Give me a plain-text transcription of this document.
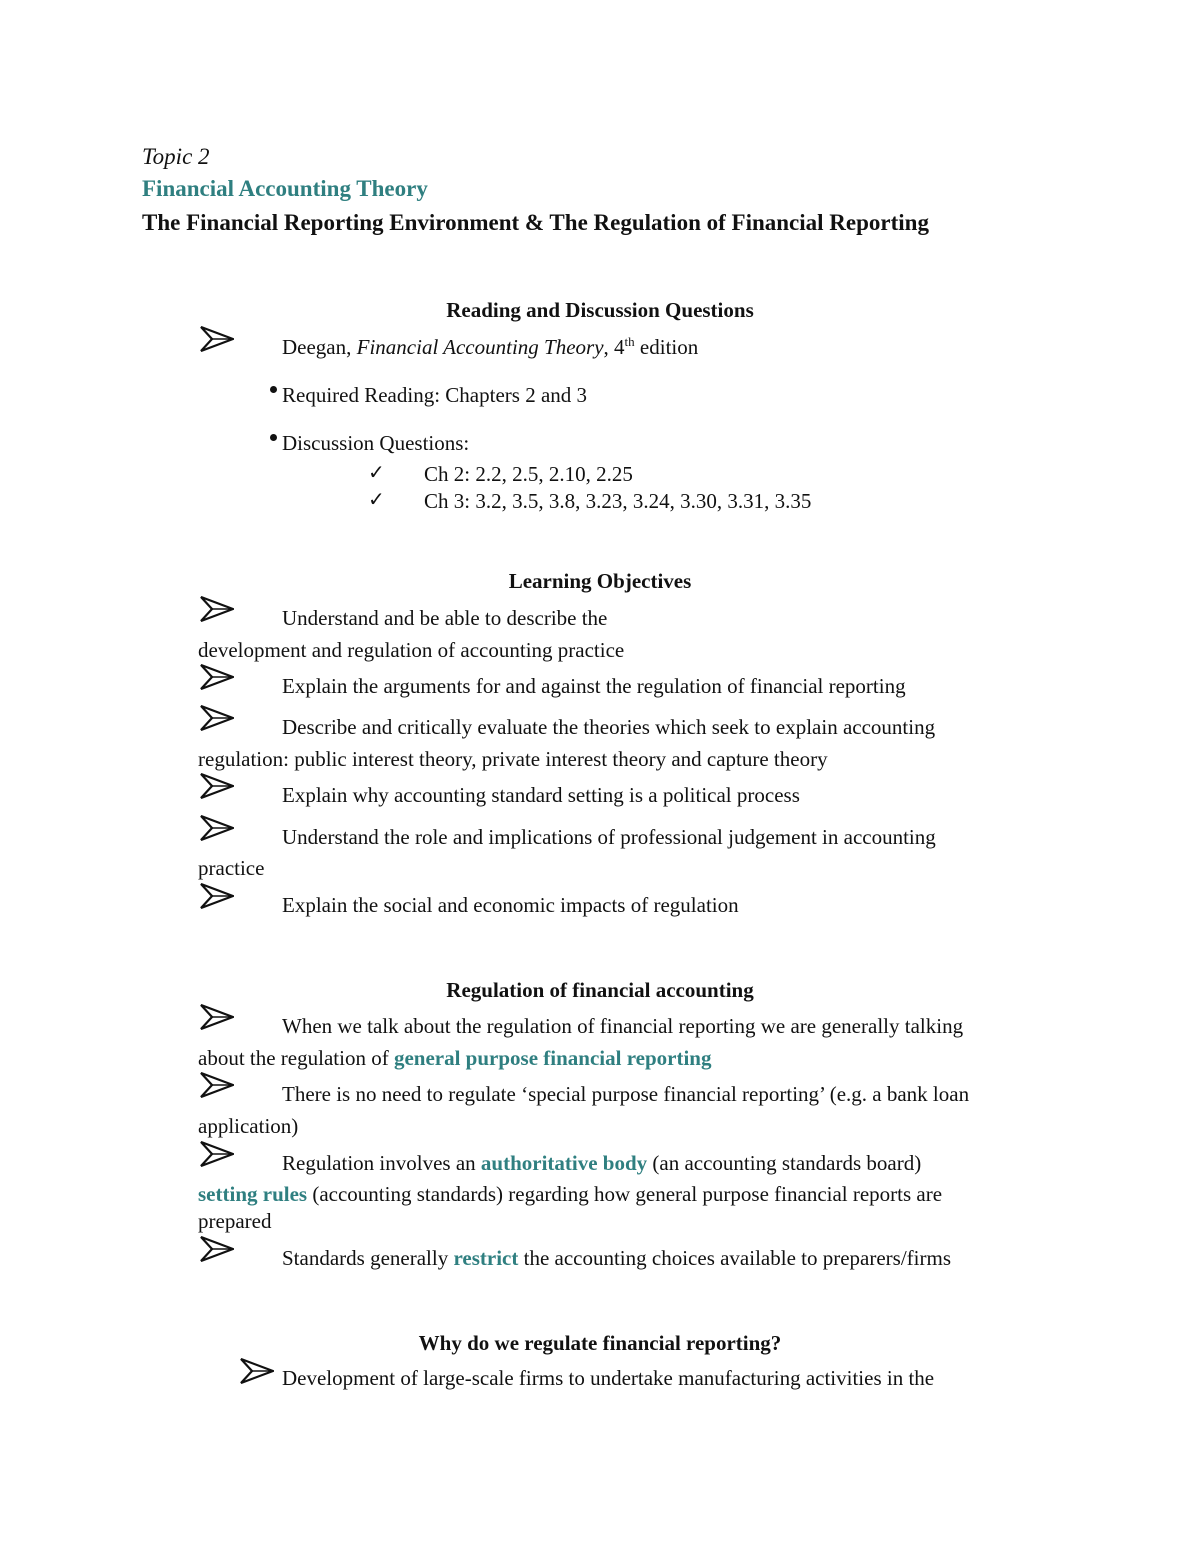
Topic 2
Financial Accounting Theory
The Financial Reporting Environment & The Regulation of Financial Reporting
Reading and Discussion Questions
Deegan, Financial Accounting Theory, 4th edition
Required Reading: Chapters 2 and 3
Discussion Questions:
✓ Ch 2: 2.2, 2.5, 2.10, 2.25
✓ Ch 3: 3.2, 3.5, 3.8, 3.23, 3.24, 3.30, 3.31, 3.35
Learning Objectives
Understand and be able to describe the
development and regulation of accounting practice
Explain the arguments for and against the regulation of financial reporting
Describe and critically evaluate the theories which seek to explain accounting
regulation: public interest theory, private interest theory and capture theory
Explain why accounting standard setting is a political process
Understand the role and implications of professional judgement in accounting
practice
Explain the social and economic impacts of regulation
Regulation of financial accounting
When we talk about the regulation of financial reporting we are generally talking
about the regulation of general purpose financial reporting
There is no need to regulate ‘special purpose financial reporting’ (e.g. a bank loan
application)
Regulation involves an authoritative body (an accounting standards board)
setting rules (accounting standards) regarding how general purpose financial reports are
prepared
Standards generally restrict the accounting choices available to preparers/firms
Why do we regulate financial reporting?
Development of large-scale firms to undertake manufacturing activities in the
